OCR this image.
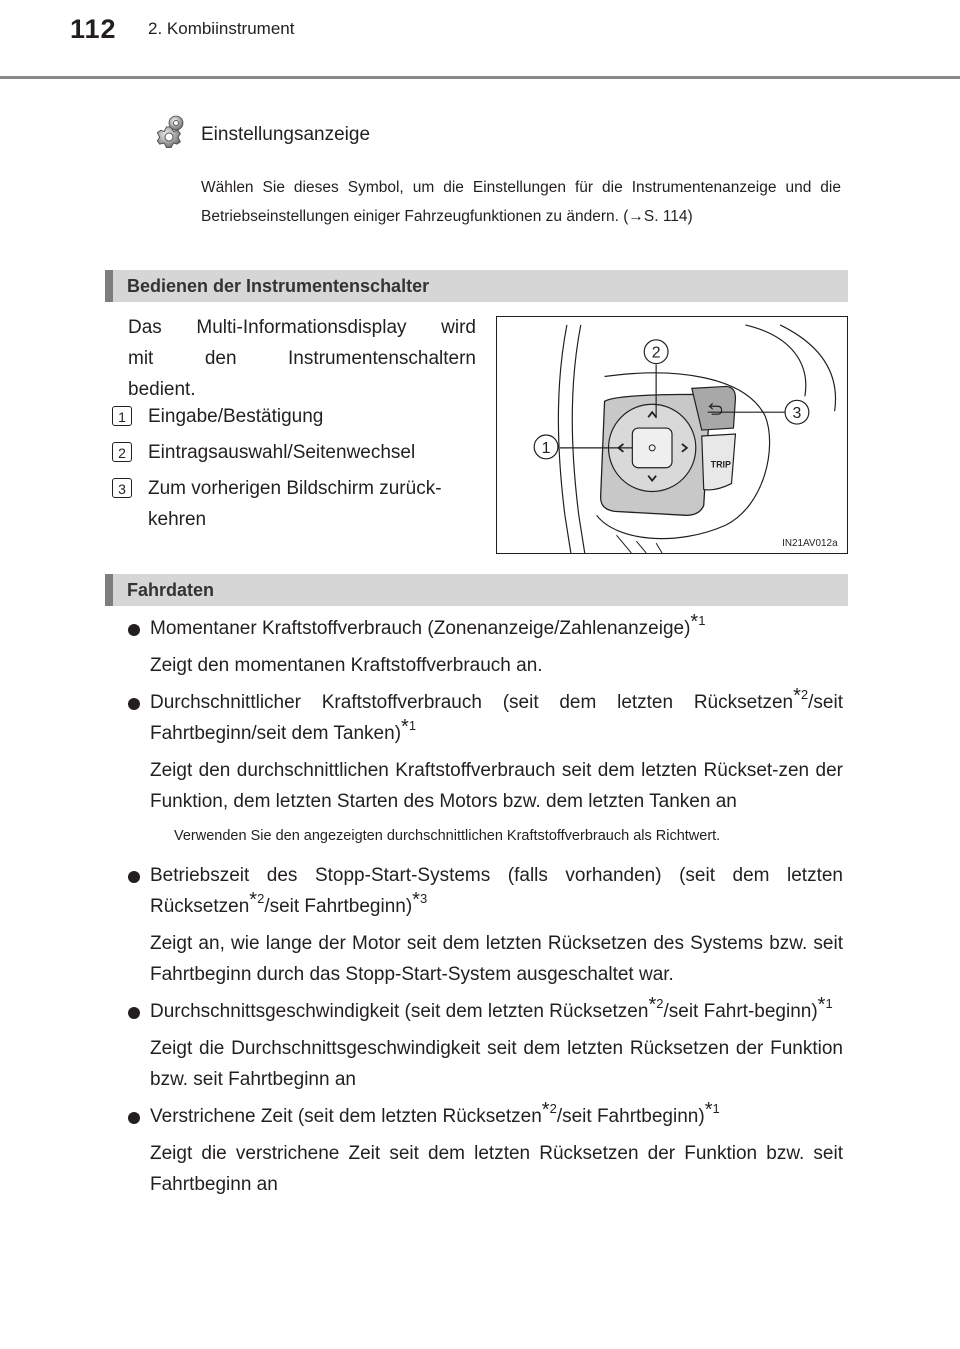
112 2. Kombiinstrument
Einstellungsanzeige
Wählen Sie dieses Symbol, um die Einstellungen für die Instrumentenanzeige und die Betriebseinstellungen einiger Fahrzeugfunktionen zu ändern. (→S. 114)
Bedienen der Instrumentenschalter
Das Multi-Informationsdisplay wird
mit den Instrumentenschaltern
bedient.
1	Eingabe/Bestätigung
2	Eintragsauswahl/Seitenwechsel
3	Zum vorherigen Bildschirm zurück-kehren
TRIP
1
2
3
IN21AV012a
Fahrdaten
Momentaner Kraftstoffverbrauch (Zonenanzeige/Zahlenanzeige)$^{*1}$
Zeigt den momentanen Kraftstoffverbrauch an.
Durchschnittlicher Kraftstoffverbrauch (seit dem letzten Rücksetzen$^{*2}$/seit Fahrtbeginn/seit dem Tanken)$^{*1}$
Zeigt den durchschnittlichen Kraftstoffverbrauch seit dem letzten Rückset-zen der Funktion, dem letzten Starten des Motors bzw. dem letzten Tanken an
Verwenden Sie den angezeigten durchschnittlichen Kraftstoffverbrauch als Richtwert.
Betriebszeit des Stopp-Start-Systems (falls vorhanden) (seit dem letzten Rücksetzen$^{*2}$/seit Fahrtbeginn)$^{*3}$
Zeigt an, wie lange der Motor seit dem letzten Rücksetzen des Systems bzw. seit Fahrtbeginn durch das Stopp-Start-System ausgeschaltet war.
Durchschnittsgeschwindigkeit (seit dem letzten Rücksetzen$^{*2}$/seit Fahrt-beginn)$^{*1}$
Zeigt die Durchschnittsgeschwindigkeit seit dem letzten Rücksetzen der Funktion bzw. seit Fahrtbeginn an
Verstrichene Zeit (seit dem letzten Rücksetzen$^{*2}$/seit Fahrtbeginn)$^{*1}$
Zeigt die verstrichene Zeit seit dem letzten Rücksetzen der Funktion bzw. seit Fahrtbeginn an
